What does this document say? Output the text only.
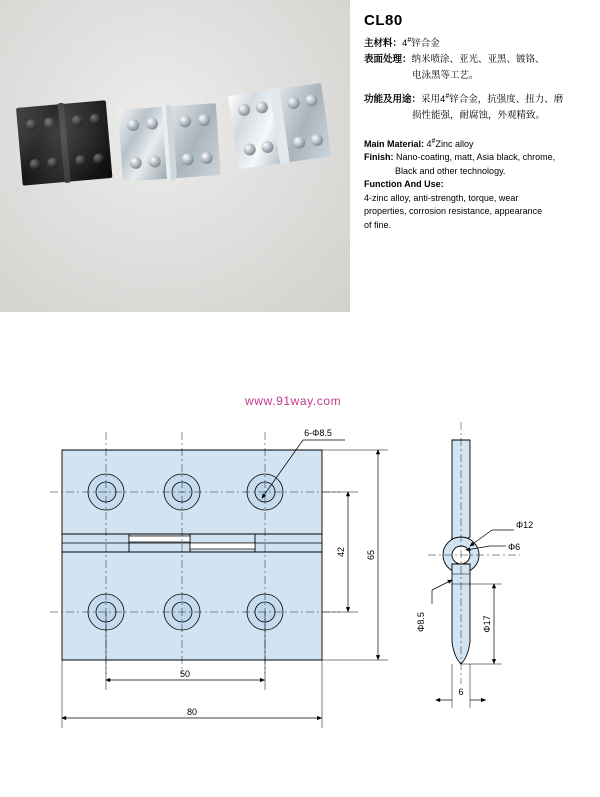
CL80
主材料：4#锌合金
表面处理：纳米喷涂、亚光、亚黑、镀铬、
电泳黑等工艺。
功能及用途：采用4#锌合金，抗强度、扭力、磨
损性能强，耐腐蚀，外观精致。
Main Material: 4#Zinc alloy
Finish: Nano-coating, matt, Asia black, chrome,
Black and other technology.
Function And Use:
4-zinc alloy, anti-strength, torque, wear
properties, corrosion resistance, appearance
of fine.
www.91way.com
6-Φ8.5
42 65
50
80
Φ12
Φ6
Φ8.5	Φ17
6
